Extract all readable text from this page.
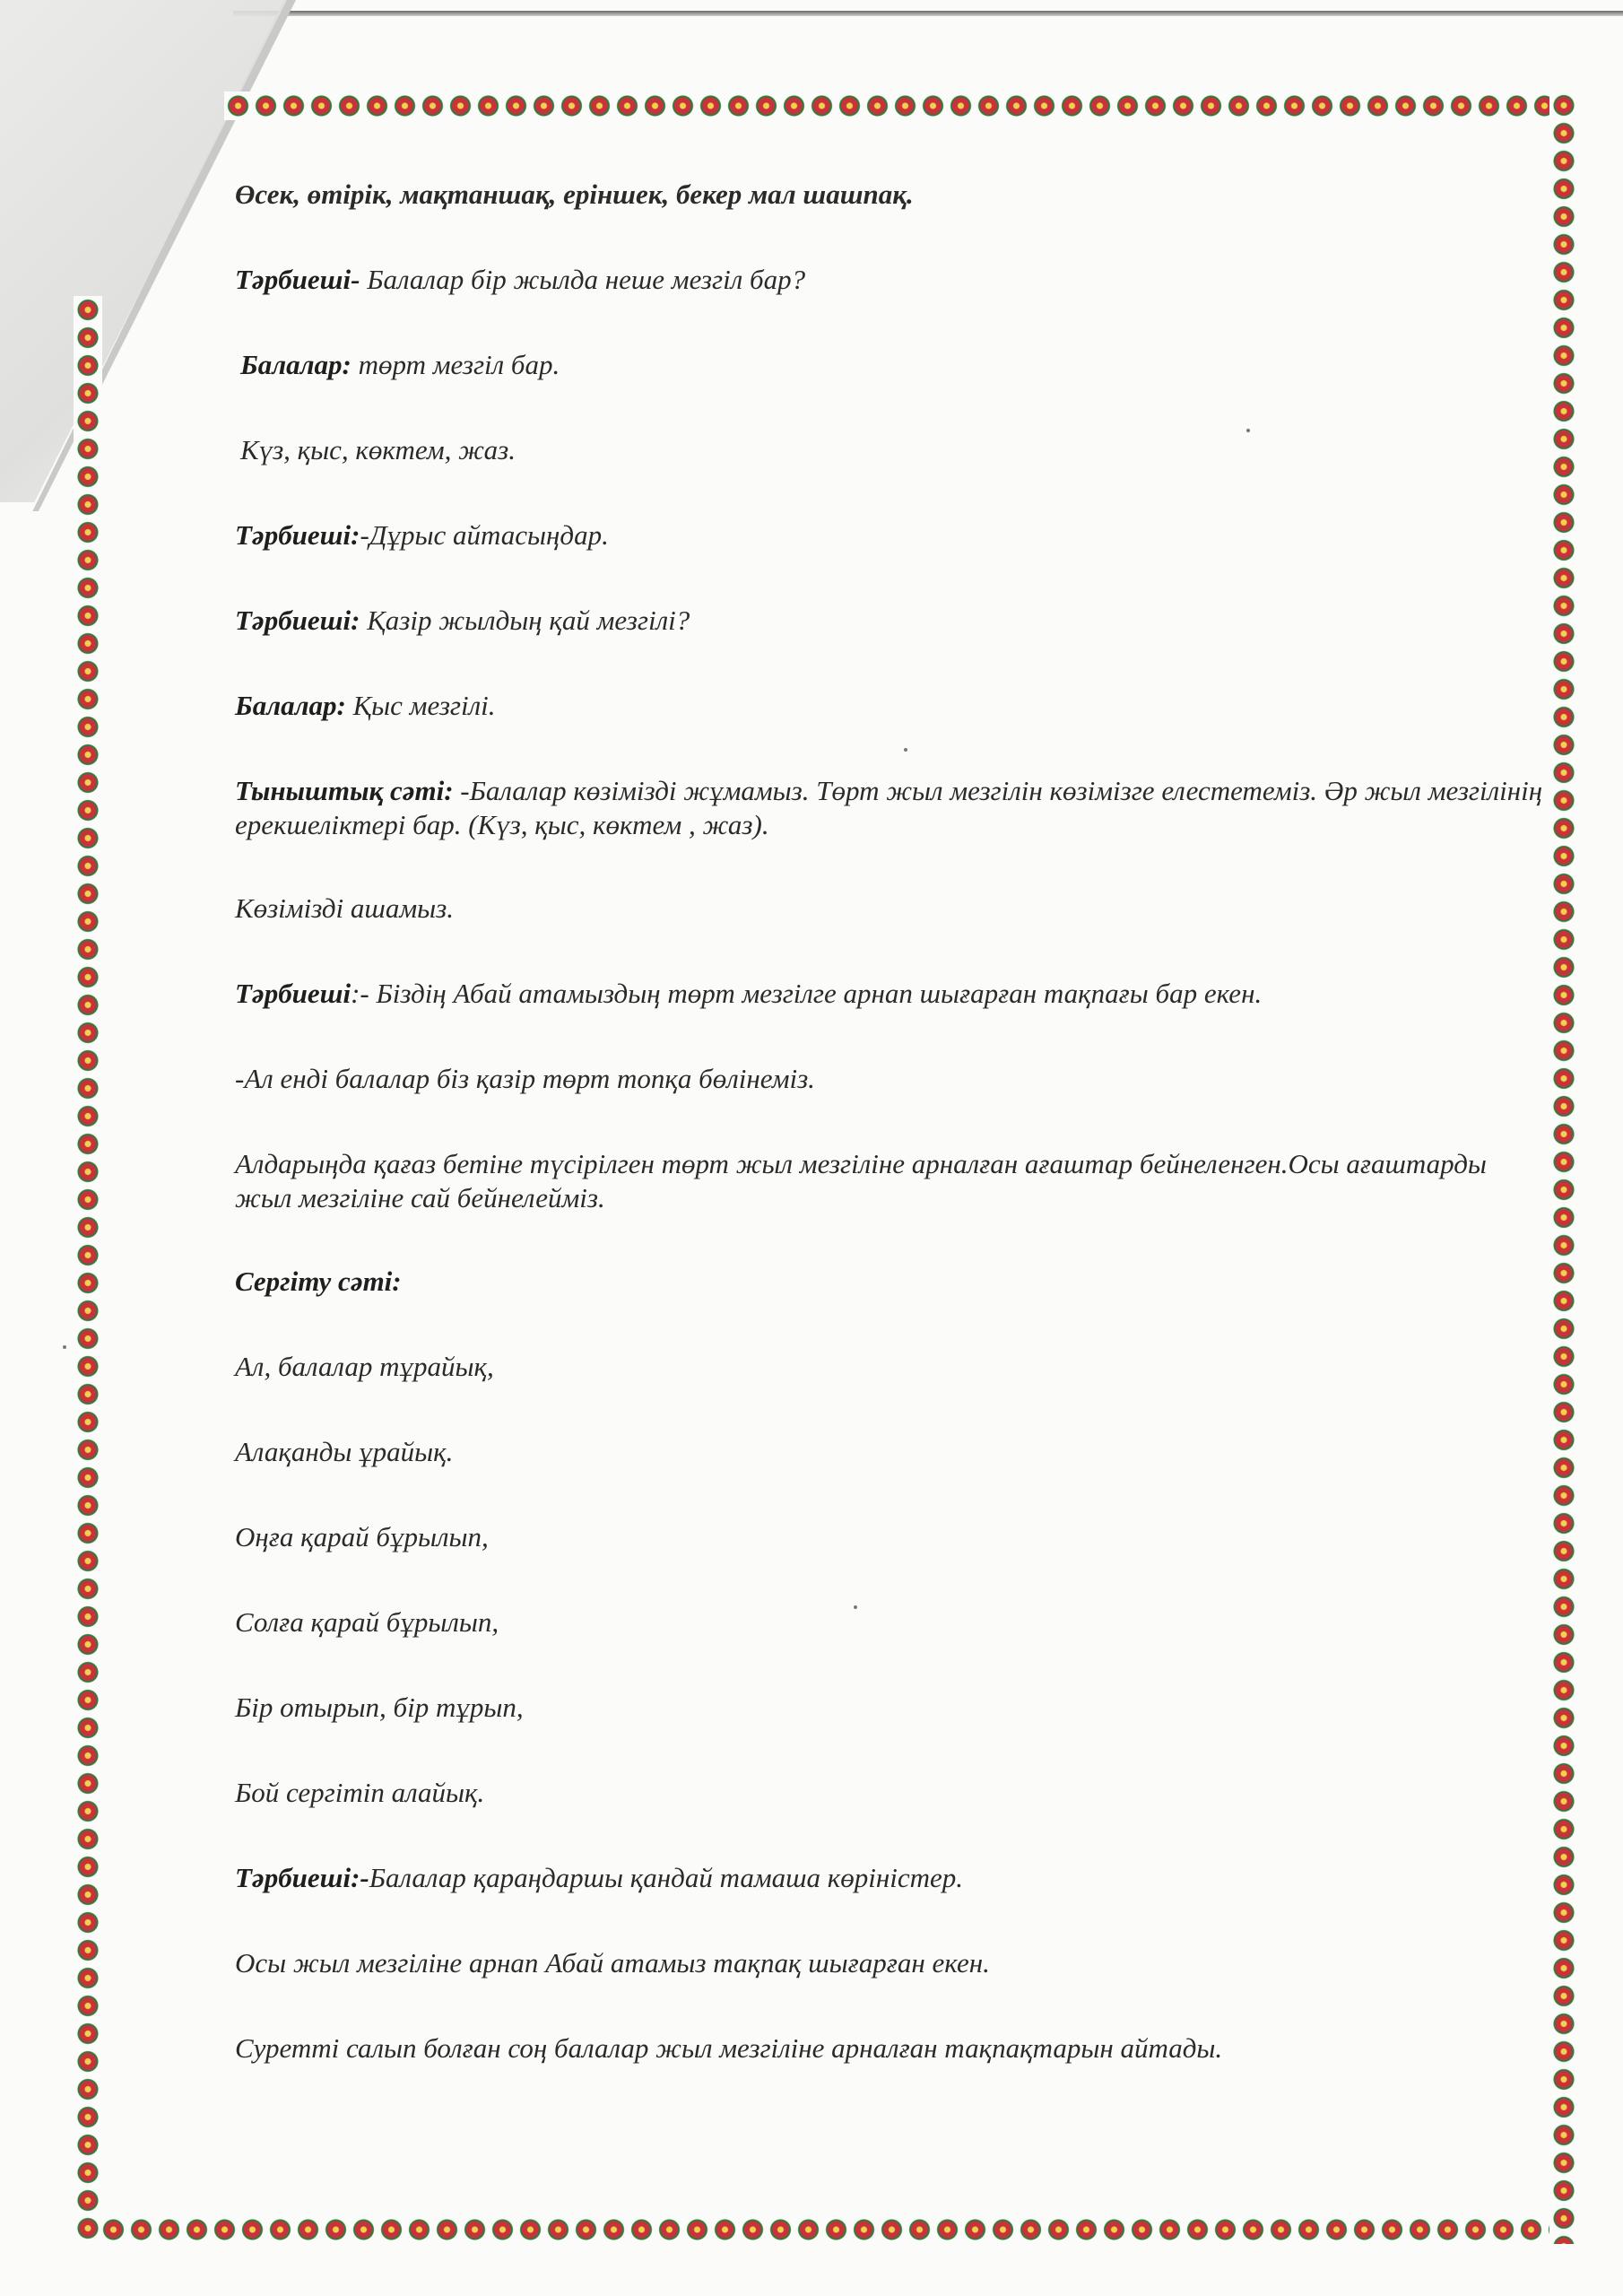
Өсек, өтірік, мақтаншақ, еріншек, бекер мал шашпақ.

Тәрбиеші- Балалар бір жылда неше мезгіл бар?

Балалар: төрт мезгіл бар.

Күз, қыс, көктем, жаз.

Тәрбиеші:-Дұрыс айтасыңдар.

Тәрбиеші: Қазір жылдың қай мезгілі?

Балалар: Қыс мезгілі.

Тыныштық сәті: -Балалар көзімізді жұмамыз. Төрт жыл мезгілін көзімізге елестетеміз. Әр жыл мезгілінің ерекшеліктері бар. (Күз, қыс, көктем , жаз).

Көзімізді ашамыз.

Тәрбиеші:- Біздің Абай атамыздың төрт мезгілге арнап шығарған тақпағы бар екен.

-Ал енді балалар біз қазір төрт топқа бөлінеміз.

Алдарыңда қағаз бетіне түсірілген төрт жыл мезгіліне арналған ағаштар бейнеленген.Осы ағаштарды жыл мезгіліне сай бейнелейміз.

Сергіту сәті:

Ал, балалар тұрайық,

Алақанды ұрайық.

Оңға қарай бұрылып,

Солға қарай бұрылып,

Бір отырып, бір тұрып,

Бой сергітіп алайық.

Тәрбиеші:-Балалар қараңдаршы қандай тамаша көріністер.

Осы жыл мезгіліне арнап Абай атамыз тақпақ шығарған екен.

Суретті салып болған соң балалар жыл мезгіліне арналған тақпақтарын айтады.
